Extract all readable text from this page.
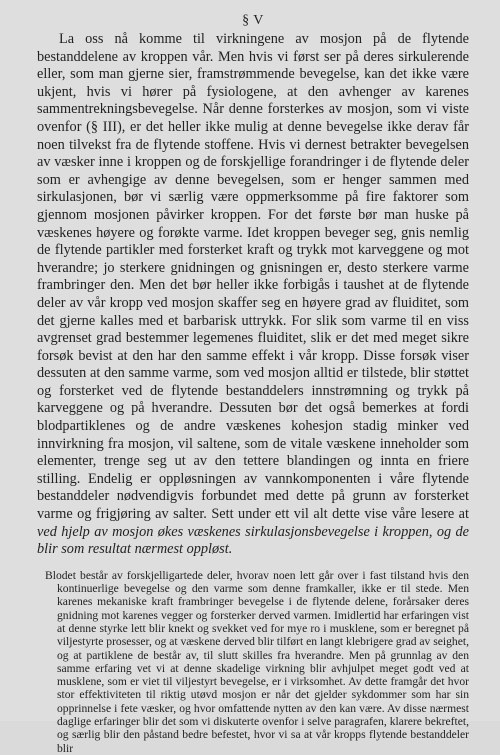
§ V

La oss nå komme til virkningene av mosjon på de flytende bestanddelene av kroppen vår. Men hvis vi først ser på deres sirkulerende eller, som man gjerne sier, framstrømmende bevegelse, kan det ikke være ukjent, hvis vi hører på fysiologene, at den avhenger av karenes sammentrekningsbevegelse. Når denne forsterkes av mosjon, som vi viste ovenfor (§ III), er det heller ikke mulig at denne bevegelse ikke derav får noen tilvekst fra de flytende stoffene. Hvis vi dernest betrakter bevegelsen av væsker inne i kroppen og de forskjellige forandringer i de flytende deler som er avhengige av denne bevegelsen, som er henger sammen med sirkulasjonen, bør vi særlig være oppmerksomme på fire faktorer som gjennom mosjonen påvirker kroppen. For det første bør man huske på væskenes høyere og forøkte varme. Idet kroppen beveger seg, gnis nemlig de flytende partikler med forsterket kraft og trykk mot karveggene og mot hverandre; jo sterkere gnidningen og gnisningen er, desto sterkere varme frambringer den. Men det bør heller ikke forbigås i taushet at de flytende deler av vår kropp ved mosjon skaffer seg en høyere grad av fluiditet, som det gjerne kalles med et barbarisk uttrykk. For slik som varme til en viss avgrenset grad bestemmer legemenes fluiditet, slik er det med meget sikre forsøk bevist at den har den samme effekt i vår kropp. Disse forsøk viser dessuten at den samme varme, som ved mosjon alltid er tilstede, blir støttet og forsterket ved de flytende bestanddelers innstrømning og trykk på karveggene og på hverandre. Dessuten bør det også bemerkes at fordi blodpartiklenes og de andre væskenes kohesjon stadig minker ved innvirkning fra mosjon, vil saltene, som de vitale væskene inneholder som elementer, trenge seg ut av den tettere blandingen og innta en friere stilling. Endelig er oppløsningen av vannkomponenten i våre flytende bestanddeler nødvendigvis forbundet med dette på grunn av forsterket varme og frigjøring av salter. Sett under ett vil alt dette vise våre lesere at ved hjelp av mosjon økes væskenes sirkulasjonsbevegelse i kroppen, og de blir som resultat nærmest oppløst.

Blodet består av forskjelligartede deler, hvorav noen lett går over i fast tilstand hvis den kontinuerlige bevegelse og den varme som denne framkaller, ikke er til stede. Men karenes mekaniske kraft frambringer bevegelse i de flytende delene, forårsaker deres gnidning mot karenes vegger og forsterker derved varmen. Imidlertid har erfaringen vist at denne styrke lett blir knekt og svekket ved for mye ro i musklene, som er beregnet på viljestyrte prosesser, og at væskene derved blir tilført en langt klebrigere grad av seighet, og at partiklene de består av, til slutt skilles fra hverandre. Men på grunnlag av den samme erfaring vet vi at denne skadelige virkning blir avhjulpet meget godt ved at musklene, som er viet til viljestyrt bevegelse, er i virksomhet. Av dette framgår det hvor stor effektiviteten til riktig utøvd mosjon er når det gjelder sykdommer som har sin opprinnelse i fete væsker, og hvor omfattende nytten av den kan være. Av disse nærmest daglige erfaringer blir det som vi diskuterte ovenfor i selve paragrafen, klarere bekreftet, og særlig blir den påstand bedre befestet, hvor vi sa at vår kropps flytende bestanddeler blir
